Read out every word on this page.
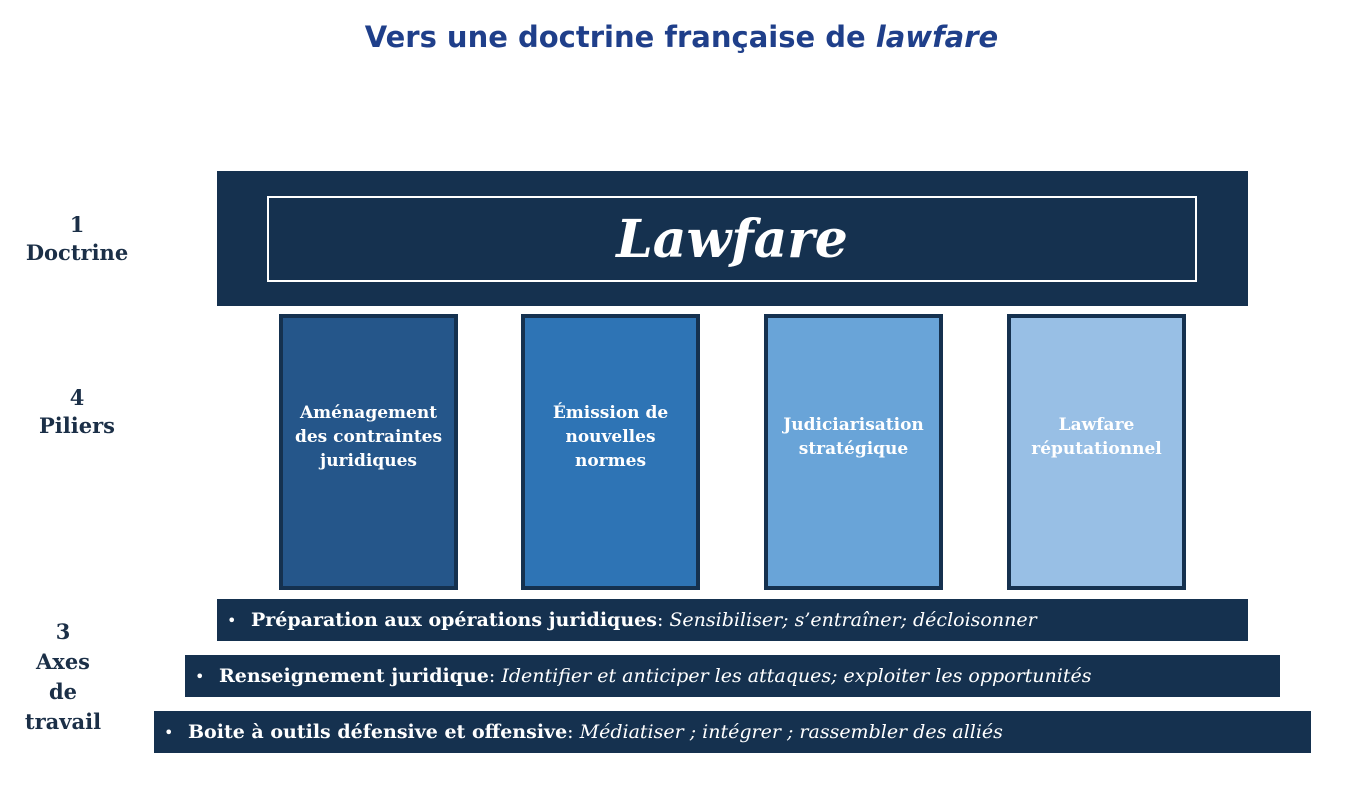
Vers une doctrine française de lawfare
1
Doctrine
4
Piliers
3
Axes
de
travail
Lawfare
Aménagement des contraintes juridiques
Émission de nouvelles normes
Judiciarisation stratégique
Lawfare réputationnel
• Préparation aux opérations juridiques : Sensibiliser; s’entraîner; décloisonner
• Renseignement juridique : Identifier et anticiper les attaques; exploiter les opportunités
• Boite à outils défensive et offensive : Médiatiser ; intégrer ; rassembler des alliés
